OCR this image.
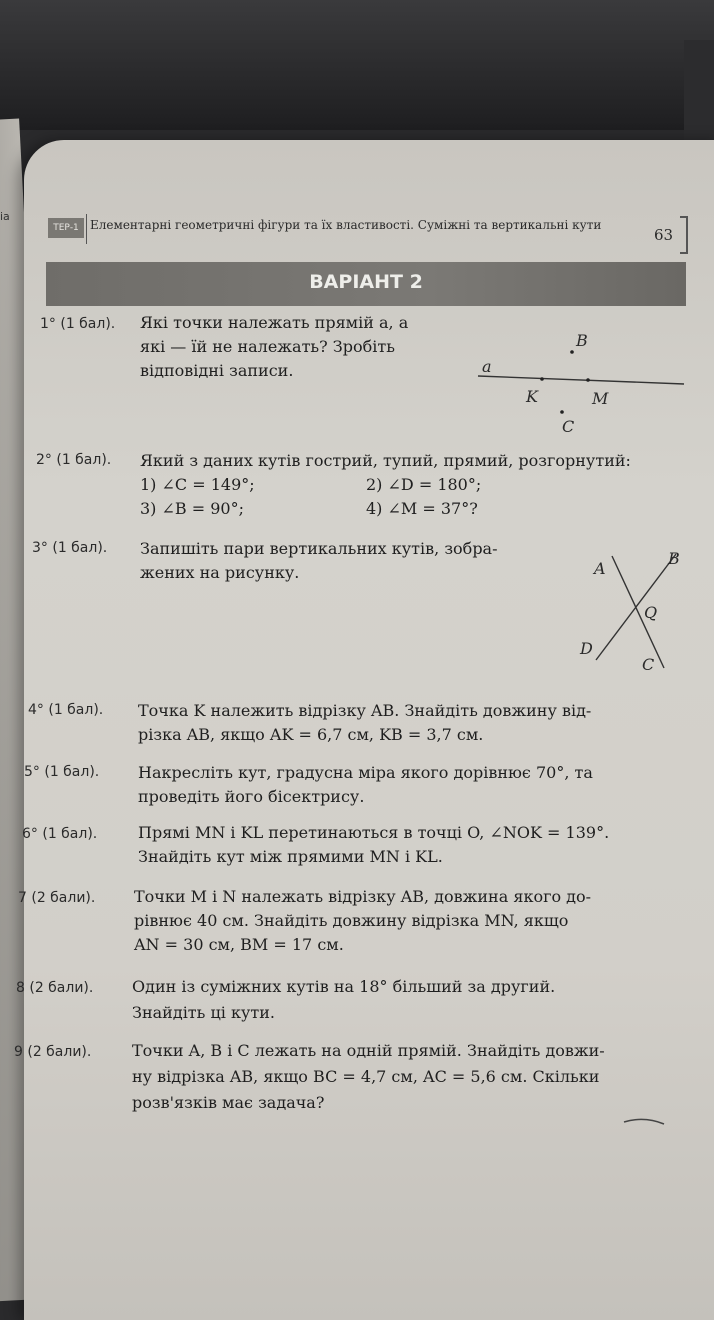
ia
ТЕР-1 Елементарні геометричні фігури та їх властивості. Суміжні та вертикальні кути
63
ВАРІАНТ 2
1° (1 бал). Які точки належать прямій a, а
які — їй не належать? Зробіть
відповідні записи.	a
B
K	M
C
2° (1 бал). Який з даних кутів гострий, тупий, прямий, розгорнутий:
1) ∠C = 149°;	2) ∠D = 180°;
3) ∠B = 90°;	4) ∠M = 37°?
3° (1 бал). Запишіть пари вертикальних кутів, зобра-
жених на рисунку.	A
B
Q
D
C
4° (1 бал). Точка K належить відрізку AB. Знайдіть довжину від-
різка AB, якщо AK = 6,7 см, KB = 3,7 см.
5° (1 бал). Накресліть кут, градусна міра якого дорівнює 70°, та
проведіть його бісектрису.
6° (1 бал).	Прямі MN і KL перетинаються в точці O, ∠NOK = 139°.
Знайдіть кут між прямими MN і KL.
7 (2 бали). Точки M і N належать відрізку AB, довжина якого до-
рівнює 40 см. Знайдіть довжину відрізка MN, якщо
AN = 30 см, BM = 17 см.
8 (2 бали). Один із суміжних кутів на 18° більший за другий.
Знайдіть ці кути.
9 (2 бали).	Точки A, B і C лежать на одній прямій. Знайдіть довжи-
ну відрізка AB, якщо BC = 4,7 см, AC = 5,6 см. Скільки
розв'язків має задача?
